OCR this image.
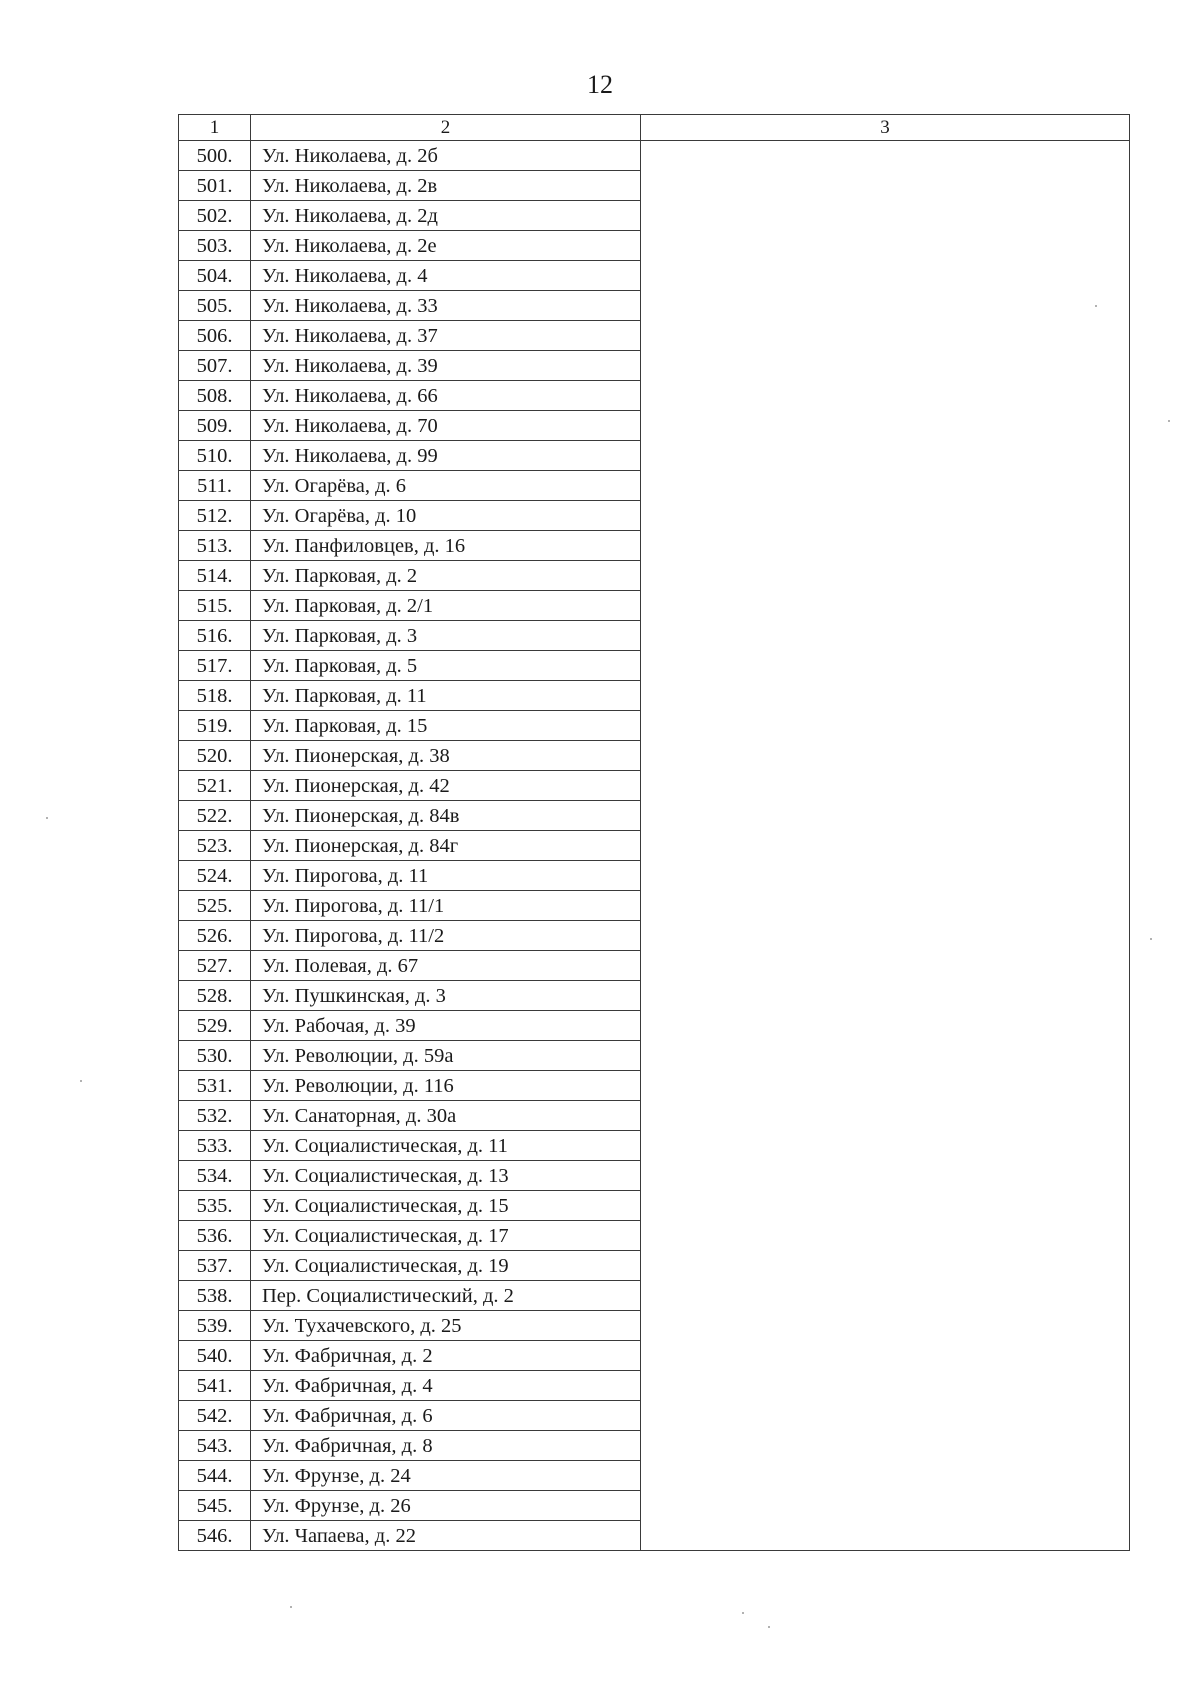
12
1	2	3
500.	Ул. Николаева, д. 2б	
501.	Ул. Николаева, д. 2в	
502.	Ул. Николаева, д. 2д	
503.	Ул. Николаева, д. 2е	
504.	Ул. Николаева, д. 4	
505.	Ул. Николаева, д. 33	
506.	Ул. Николаева, д. 37	
507.	Ул. Николаева, д. 39	
508.	Ул. Николаева, д. 66	
509.	Ул. Николаева, д. 70	
510.	Ул. Николаева, д. 99	
511.	Ул. Огарёва, д. 6	
512.	Ул. Огарёва, д. 10	
513.	Ул. Панфиловцев, д. 16	
514.	Ул. Парковая, д. 2	
515.	Ул. Парковая, д. 2/1	
516.	Ул. Парковая, д. 3	
517.	Ул. Парковая, д. 5	
518.	Ул. Парковая, д. 11	
519.	Ул. Парковая, д. 15	
520.	Ул. Пионерская, д. 38	
521.	Ул. Пионерская, д. 42	
522.	Ул. Пионерская, д. 84в	
523.	Ул. Пионерская, д. 84г	
524.	Ул. Пирогова, д. 11	
525.	Ул. Пирогова, д. 11/1	
526.	Ул. Пирогова, д. 11/2	
527.	Ул. Полевая, д. 67	
528.	Ул. Пушкинская, д. 3	
529.	Ул. Рабочая, д. 39	
530.	Ул. Революции, д. 59а	
531.	Ул. Революции, д. 116	
532.	Ул. Санаторная, д. 30а	
533.	Ул. Социалистическая, д. 11	
534.	Ул. Социалистическая, д. 13	
535.	Ул. Социалистическая, д. 15	
536.	Ул. Социалистическая, д. 17	
537.	Ул. Социалистическая, д. 19	
538.	Пер. Социалистический, д. 2	
539.	Ул. Тухачевского, д. 25	
540.	Ул. Фабричная, д. 2	
541.	Ул. Фабричная, д. 4	
542.	Ул. Фабричная, д. 6	
543.	Ул. Фабричная, д. 8	
544.	Ул. Фрунзе, д. 24	
545.	Ул. Фрунзе, д. 26	
546.	Ул. Чапаева, д. 22	
